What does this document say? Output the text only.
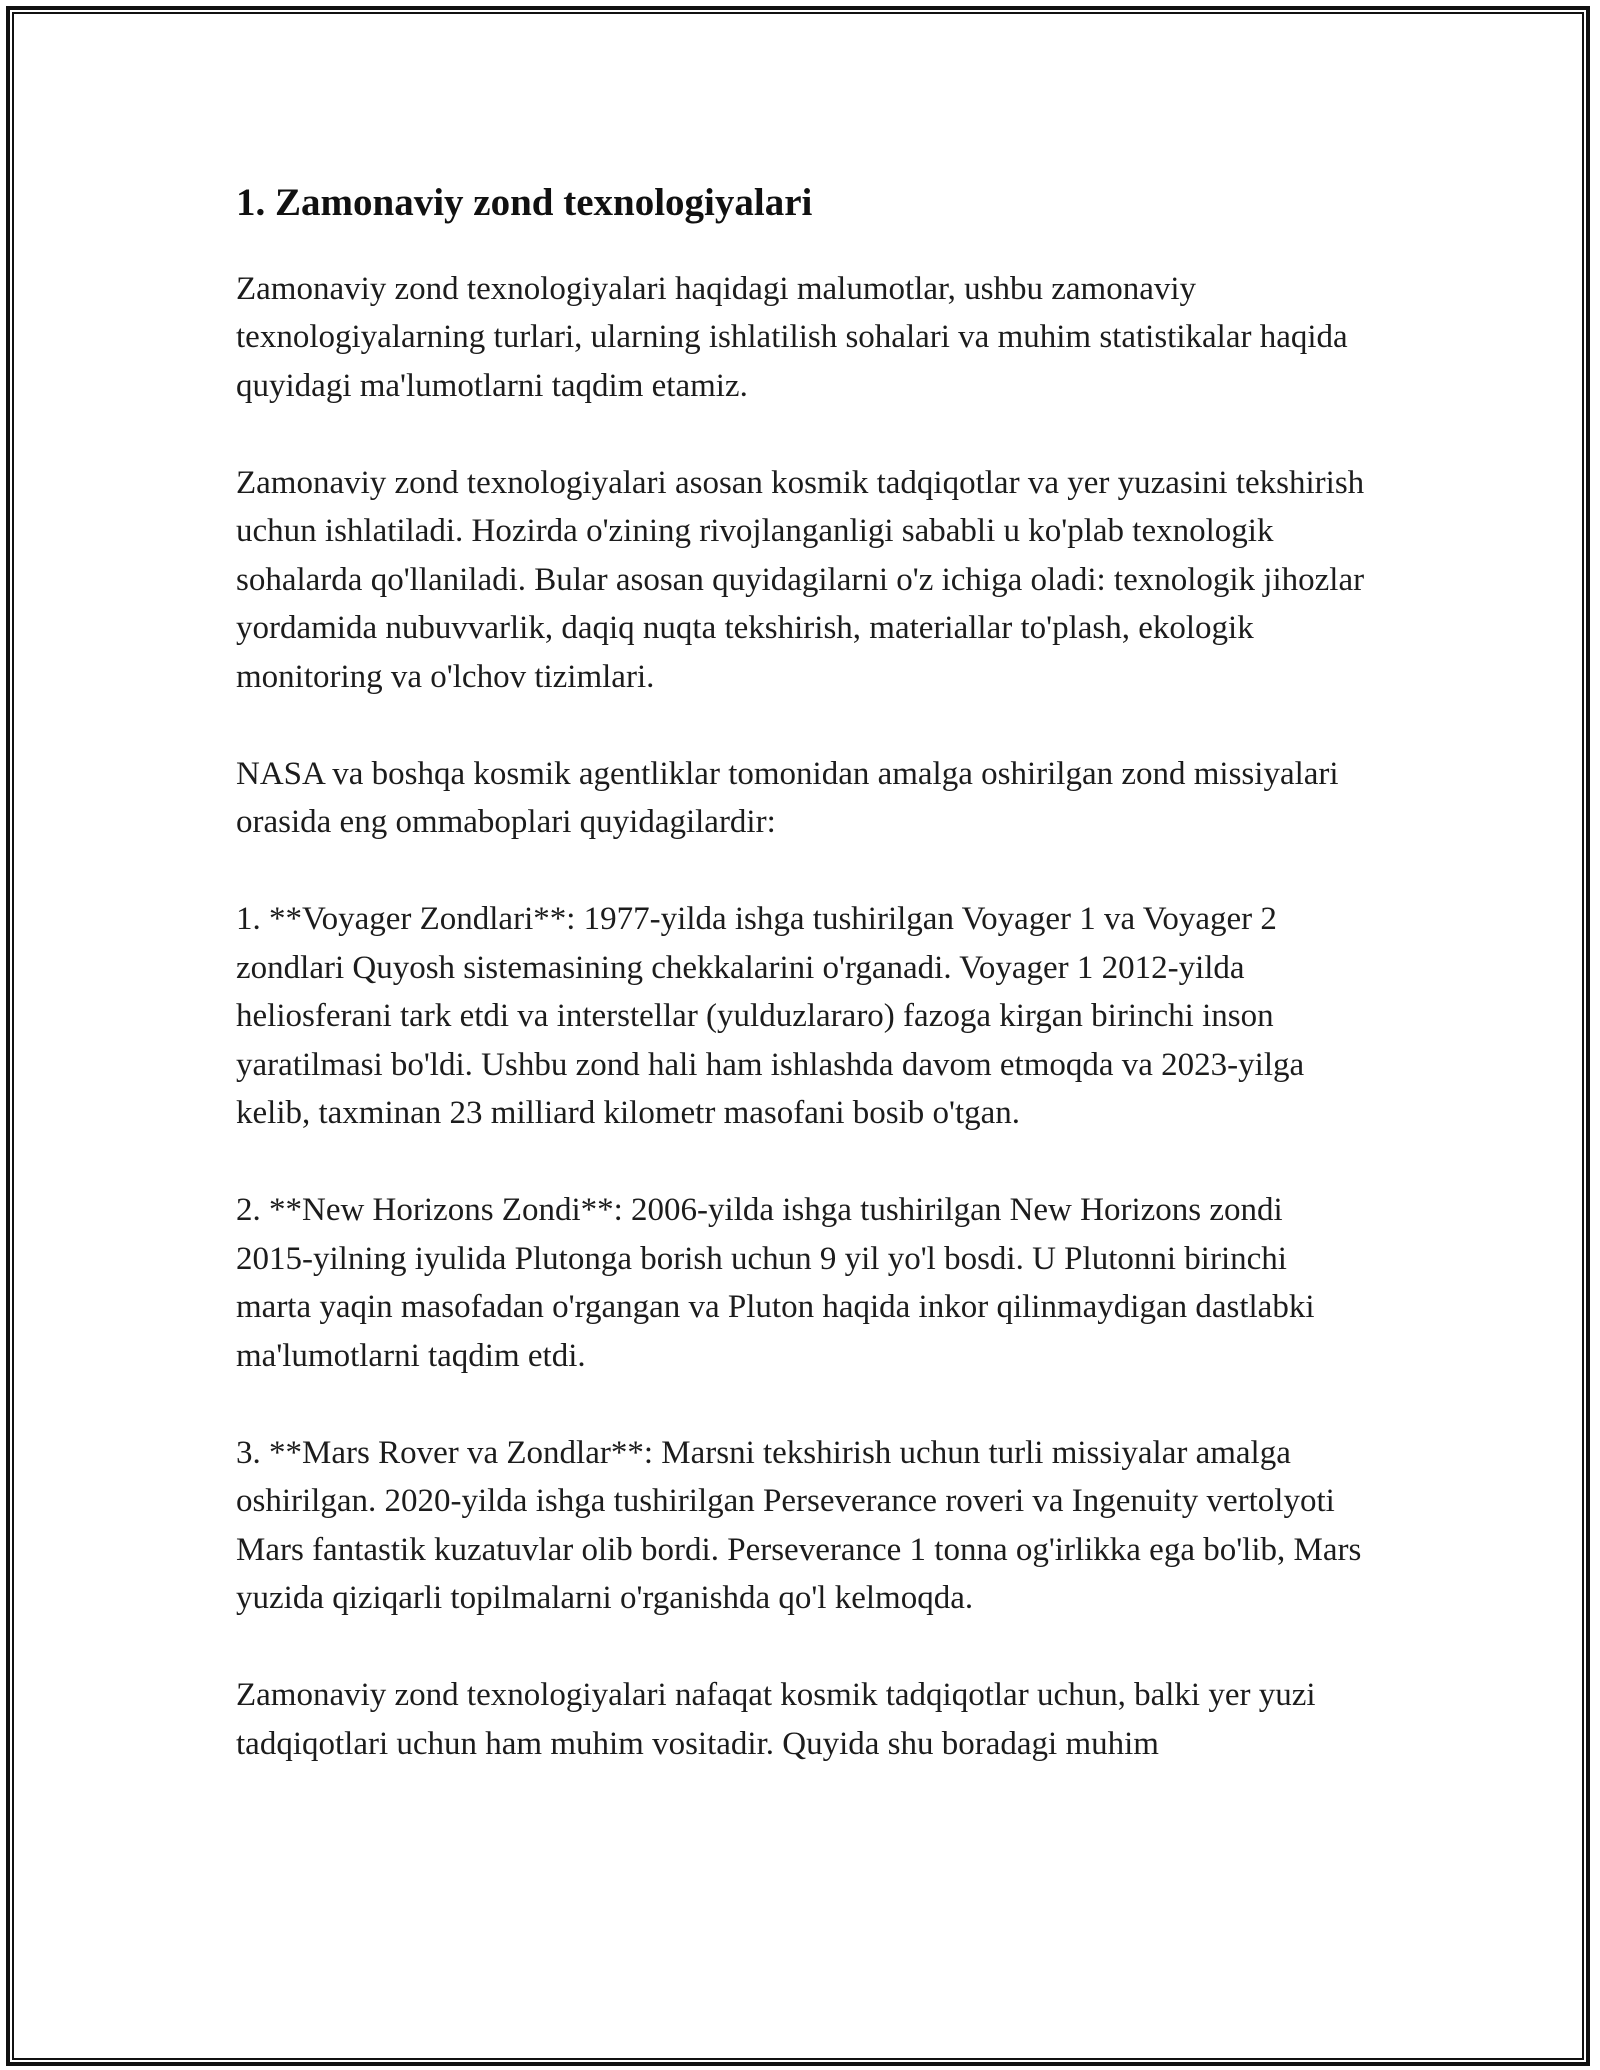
1. Zamonaviy zond texnologiyalari

Zamonaviy zond texnologiyalari haqidagi malumotlar, ushbu zamonaviy texnologiyalarning turlari, ularning ishlatilish sohalari va muhim statistikalar haqida quyidagi ma'lumotlarni taqdim etamiz.

Zamonaviy zond texnologiyalari asosan kosmik tadqiqotlar va yer yuzasini tekshirish uchun ishlatiladi. Hozirda o'zining rivojlanganligi sababli u ko'plab texnologik sohalarda qo'llaniladi. Bular asosan quyidagilarni o'z ichiga oladi: texnologik jihozlar yordamida nubuvvarlik, daqiq nuqta tekshirish, materiallar to'plash, ekologik monitoring va o'lchov tizimlari.

NASA va boshqa kosmik agentliklar tomonidan amalga oshirilgan zond missiyalari orasida eng ommaboplari quyidagilardir:

1. **Voyager Zondlari**: 1977-yilda ishga tushirilgan Voyager 1 va Voyager 2 zondlari Quyosh sistemasining chekkalarini o'rganadi. Voyager 1 2012-yilda heliosferani tark etdi va interstellar (yulduzlararo) fazoga kirgan birinchi inson yaratilmasi bo'ldi. Ushbu zond hali ham ishlashda davom etmoqda va 2023-yilga kelib, taxminan 23 milliard kilometr masofani bosib o'tgan.

2. **New Horizons Zondi**: 2006-yilda ishga tushirilgan New Horizons zondi 2015-yilning iyulida Plutonga borish uchun 9 yil yo'l bosdi. U Plutonni birinchi marta yaqin masofadan o'rgangan va Pluton haqida inkor qilinmaydigan dastlabki ma'lumotlarni taqdim etdi.

3. **Mars Rover va Zondlar**: Marsni tekshirish uchun turli missiyalar amalga oshirilgan. 2020-yilda ishga tushirilgan Perseverance roveri va Ingenuity vertolyoti Mars fantastik kuzatuvlar olib bordi. Perseverance 1 tonna og'irlikka ega bo'lib, Mars yuzida qiziqarli topilmalarni o'rganishda qo'l kelmoqda.

Zamonaviy zond texnologiyalari nafaqat kosmik tadqiqotlar uchun, balki yer yuzi tadqiqotlari uchun ham muhim vositadir. Quyida shu boradagi muhim
